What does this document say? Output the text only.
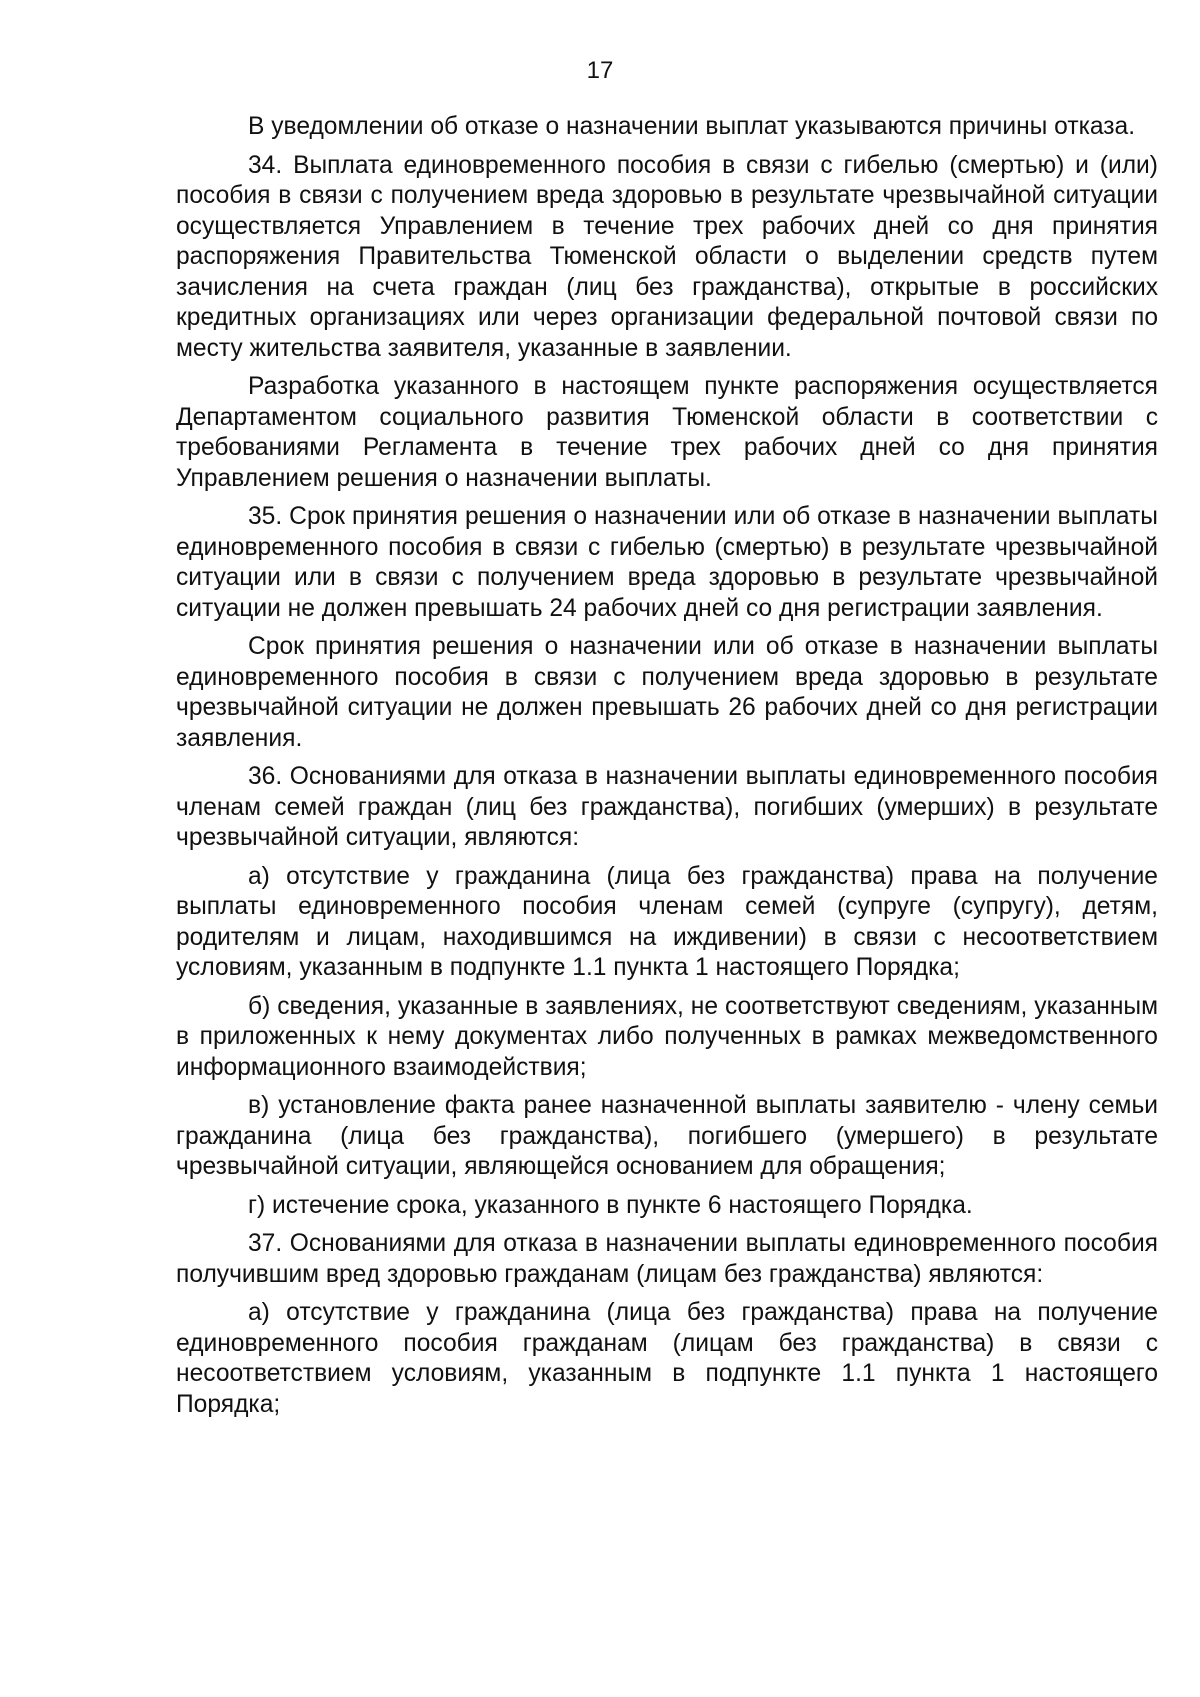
17

В уведомлении об отказе о назначении выплат указываются причины отказа.

34. Выплата единовременного пособия в связи с гибелью (смертью) и (или) пособия в связи с получением вреда здоровью в результате чрезвычайной ситуации осуществляется Управлением в течение трех рабочих дней со дня принятия распоряжения Правительства Тюменской области о выделении средств путем зачисления на счета граждан (лиц без гражданства), открытые в российских кредитных организациях или через организации федеральной почтовой связи по месту жительства заявителя, указанные в заявлении.

Разработка указанного в настоящем пункте распоряжения осуществляется Департаментом социального развития Тюменской области в соответствии с требованиями Регламента в течение трех рабочих дней со дня принятия Управлением решения о назначении выплаты.

35. Срок принятия решения о назначении или об отказе в назначении выплаты единовременного пособия в связи с гибелью (смертью) в результате чрезвычайной ситуации или в связи с получением вреда здоровью в результате чрезвычайной ситуации не должен превышать 24 рабочих дней со дня регистрации заявления.

Срок принятия решения о назначении или об отказе в назначении выплаты единовременного пособия в связи с получением вреда здоровью в результате чрезвычайной ситуации не должен превышать 26 рабочих дней со дня регистрации заявления.

36. Основаниями для отказа в назначении выплаты единовременного пособия членам семей граждан (лиц без гражданства), погибших (умерших) в результате чрезвычайной ситуации, являются:

а) отсутствие у гражданина (лица без гражданства) права на получение выплаты единовременного пособия членам семей (супруге (супругу), детям, родителям и лицам, находившимся на иждивении) в связи с несоответствием условиям, указанным в подпункте 1.1 пункта 1 настоящего Порядка;

б) сведения, указанные в заявлениях, не соответствуют сведениям, указанным в приложенных к нему документах либо полученных в рамках межведомственного информационного взаимодействия;

в) установление факта ранее назначенной выплаты заявителю - члену семьи гражданина (лица без гражданства), погибшего (умершего) в результате чрезвычайной ситуации, являющейся основанием для обращения;

г) истечение срока, указанного в пункте 6 настоящего Порядка.

37. Основаниями для отказа в назначении выплаты единовременного пособия получившим вред здоровью гражданам (лицам без гражданства) являются:

а) отсутствие у гражданина (лица без гражданства) права на получение единовременного пособия гражданам (лицам без гражданства) в связи с несоответствием условиям, указанным в подпункте 1.1 пункта 1 настоящего Порядка;
